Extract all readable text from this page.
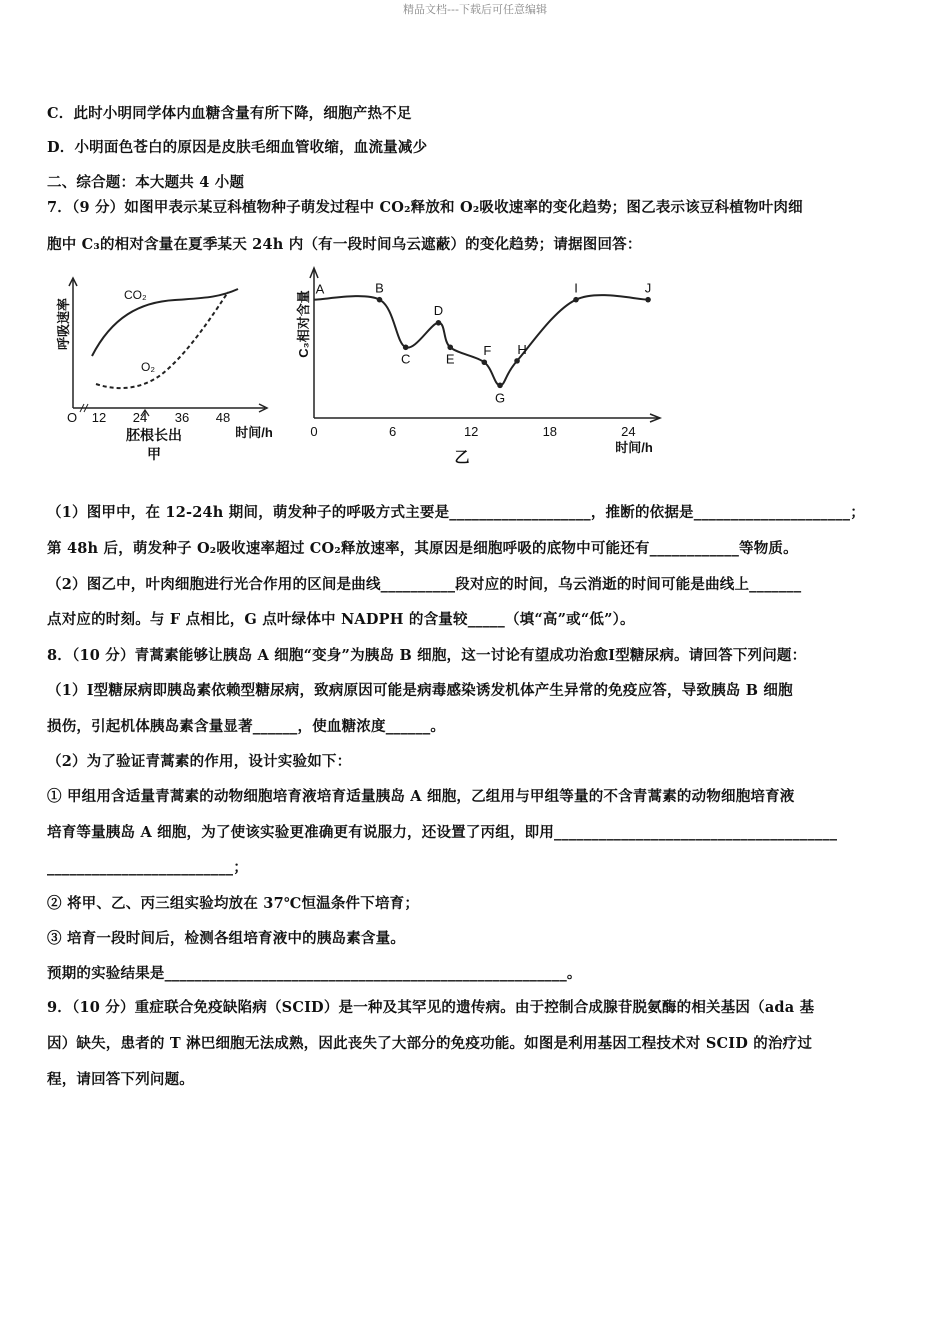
精品文档---下载后可任意编辑
C．此时小明同学体内血糖含量有所下降，细胞产热不足
D．小明面色苍白的原因是皮肤毛细血管收缩，血流量减少
二、综合题：本大题共 4 小题
7．（9 分）如图甲表示某豆科植物种子萌发过程中 CO₂释放和 O₂吸收速率的变化趋势；图乙表示该豆科植物叶肉细
胞中 C₃的相对含量在夏季某天 24h 内（有一段时间乌云遮蔽）的变化趋势；请据图回答：
呼吸速率
CO₂
O₂
O 12 24 36 48
胚根长出	时间/h
甲
C₃相对含量
时间/h
乙
0	6	12	18	24
A	B
C
D
E
F
G
H
I	J
（1）图甲中，在 12-24h 期间，萌发种子的呼吸方式主要是___________________，推断的依据是_____________________；
第 48h 后，萌发种子 O₂吸收速率超过 CO₂释放速率，其原因是细胞呼吸的底物中可能还有____________等物质。
（2）图乙中，叶肉细胞进行光合作用的区间是曲线__________段对应的时间，乌云消逝的时间可能是曲线上_______
点对应的时刻。与 F 点相比，G 点叶绿体中 NADPH 的含量较_____（填“高”或“低”）。
8．（10 分）青蒿素能够让胰岛 A 细胞“变身”为胰岛 B 细胞，这一讨论有望成功治愈Ⅰ型糖尿病。请回答下列问题：
（1）Ⅰ型糖尿病即胰岛素依赖型糖尿病，致病原因可能是病毒感染诱发机体产生异常的免疫应答，导致胰岛 B 细胞
损伤，引起机体胰岛素含量显著______，使血糖浓度______。
（2）为了验证青蒿素的作用，设计实验如下：
① 甲组用含适量青蒿素的动物细胞培育液培育适量胰岛 A 细胞，乙组用与甲组等量的不含青蒿素的动物细胞培育液
培育等量胰岛 A 细胞，为了使该实验更准确更有说服力，还设置了丙组，即用______________________________________
_________________________；
② 将甲、乙、丙三组实验均放在 37℃恒温条件下培育；
③ 培育一段时间后，检测各组培育液中的胰岛素含量。
预期的实验结果是______________________________________________________。
9．（10 分）重症联合免疫缺陷病（SCID）是一种及其罕见的遗传病。由于控制合成腺苷脱氨酶的相关基因（ada 基
因）缺失，患者的 T 淋巴细胞无法成熟，因此丧失了大部分的免疫功能。如图是利用基因工程技术对 SCID 的治疗过
程，请回答下列问题。
